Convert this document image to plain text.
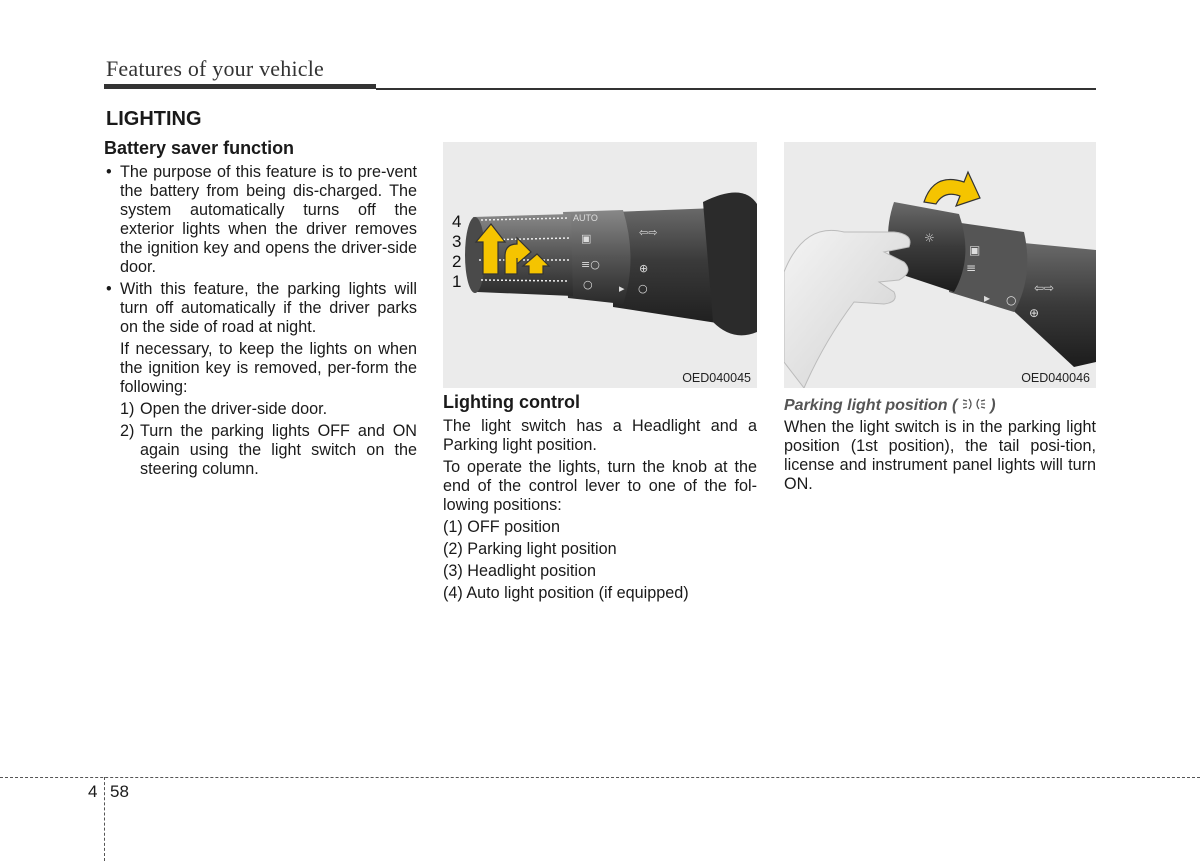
Features of your vehicle
LIGHTING
Battery saver function
• The purpose of this feature is to pre-vent the battery from being dis-charged. The system automatically turns off the exterior lights when the driver removes the ignition key and opens the driver-side door.
• With this feature, the parking lights will turn off automatically if the driver parks on the side of road at night.
If necessary, to keep the lights on when the ignition key is removed, per-form the following:
1) Open the driver-side door.
2) Turn the parking lights OFF and ON again using the light switch on the steering column.
AUTO
▣
≡○
○
⇦⇨
⊕
▸ ○
4
3
2
1
OED040045
☼
▣
≡
⇦⇨
⊕
▸ ○
OED040046
Lighting control

The light switch has a Headlight and a Parking light position.

To operate the lights, turn the knob at the end of the control lever to one of the fol-lowing positions:

(1) OFF position
(2) Parking light position
(3) Headlight position
(4) Auto light position (if equipped)
Parking light position ( )

When the light switch is in the parking light position (1st position), the tail posi-tion, license and instrument panel lights will turn ON.

4 58
